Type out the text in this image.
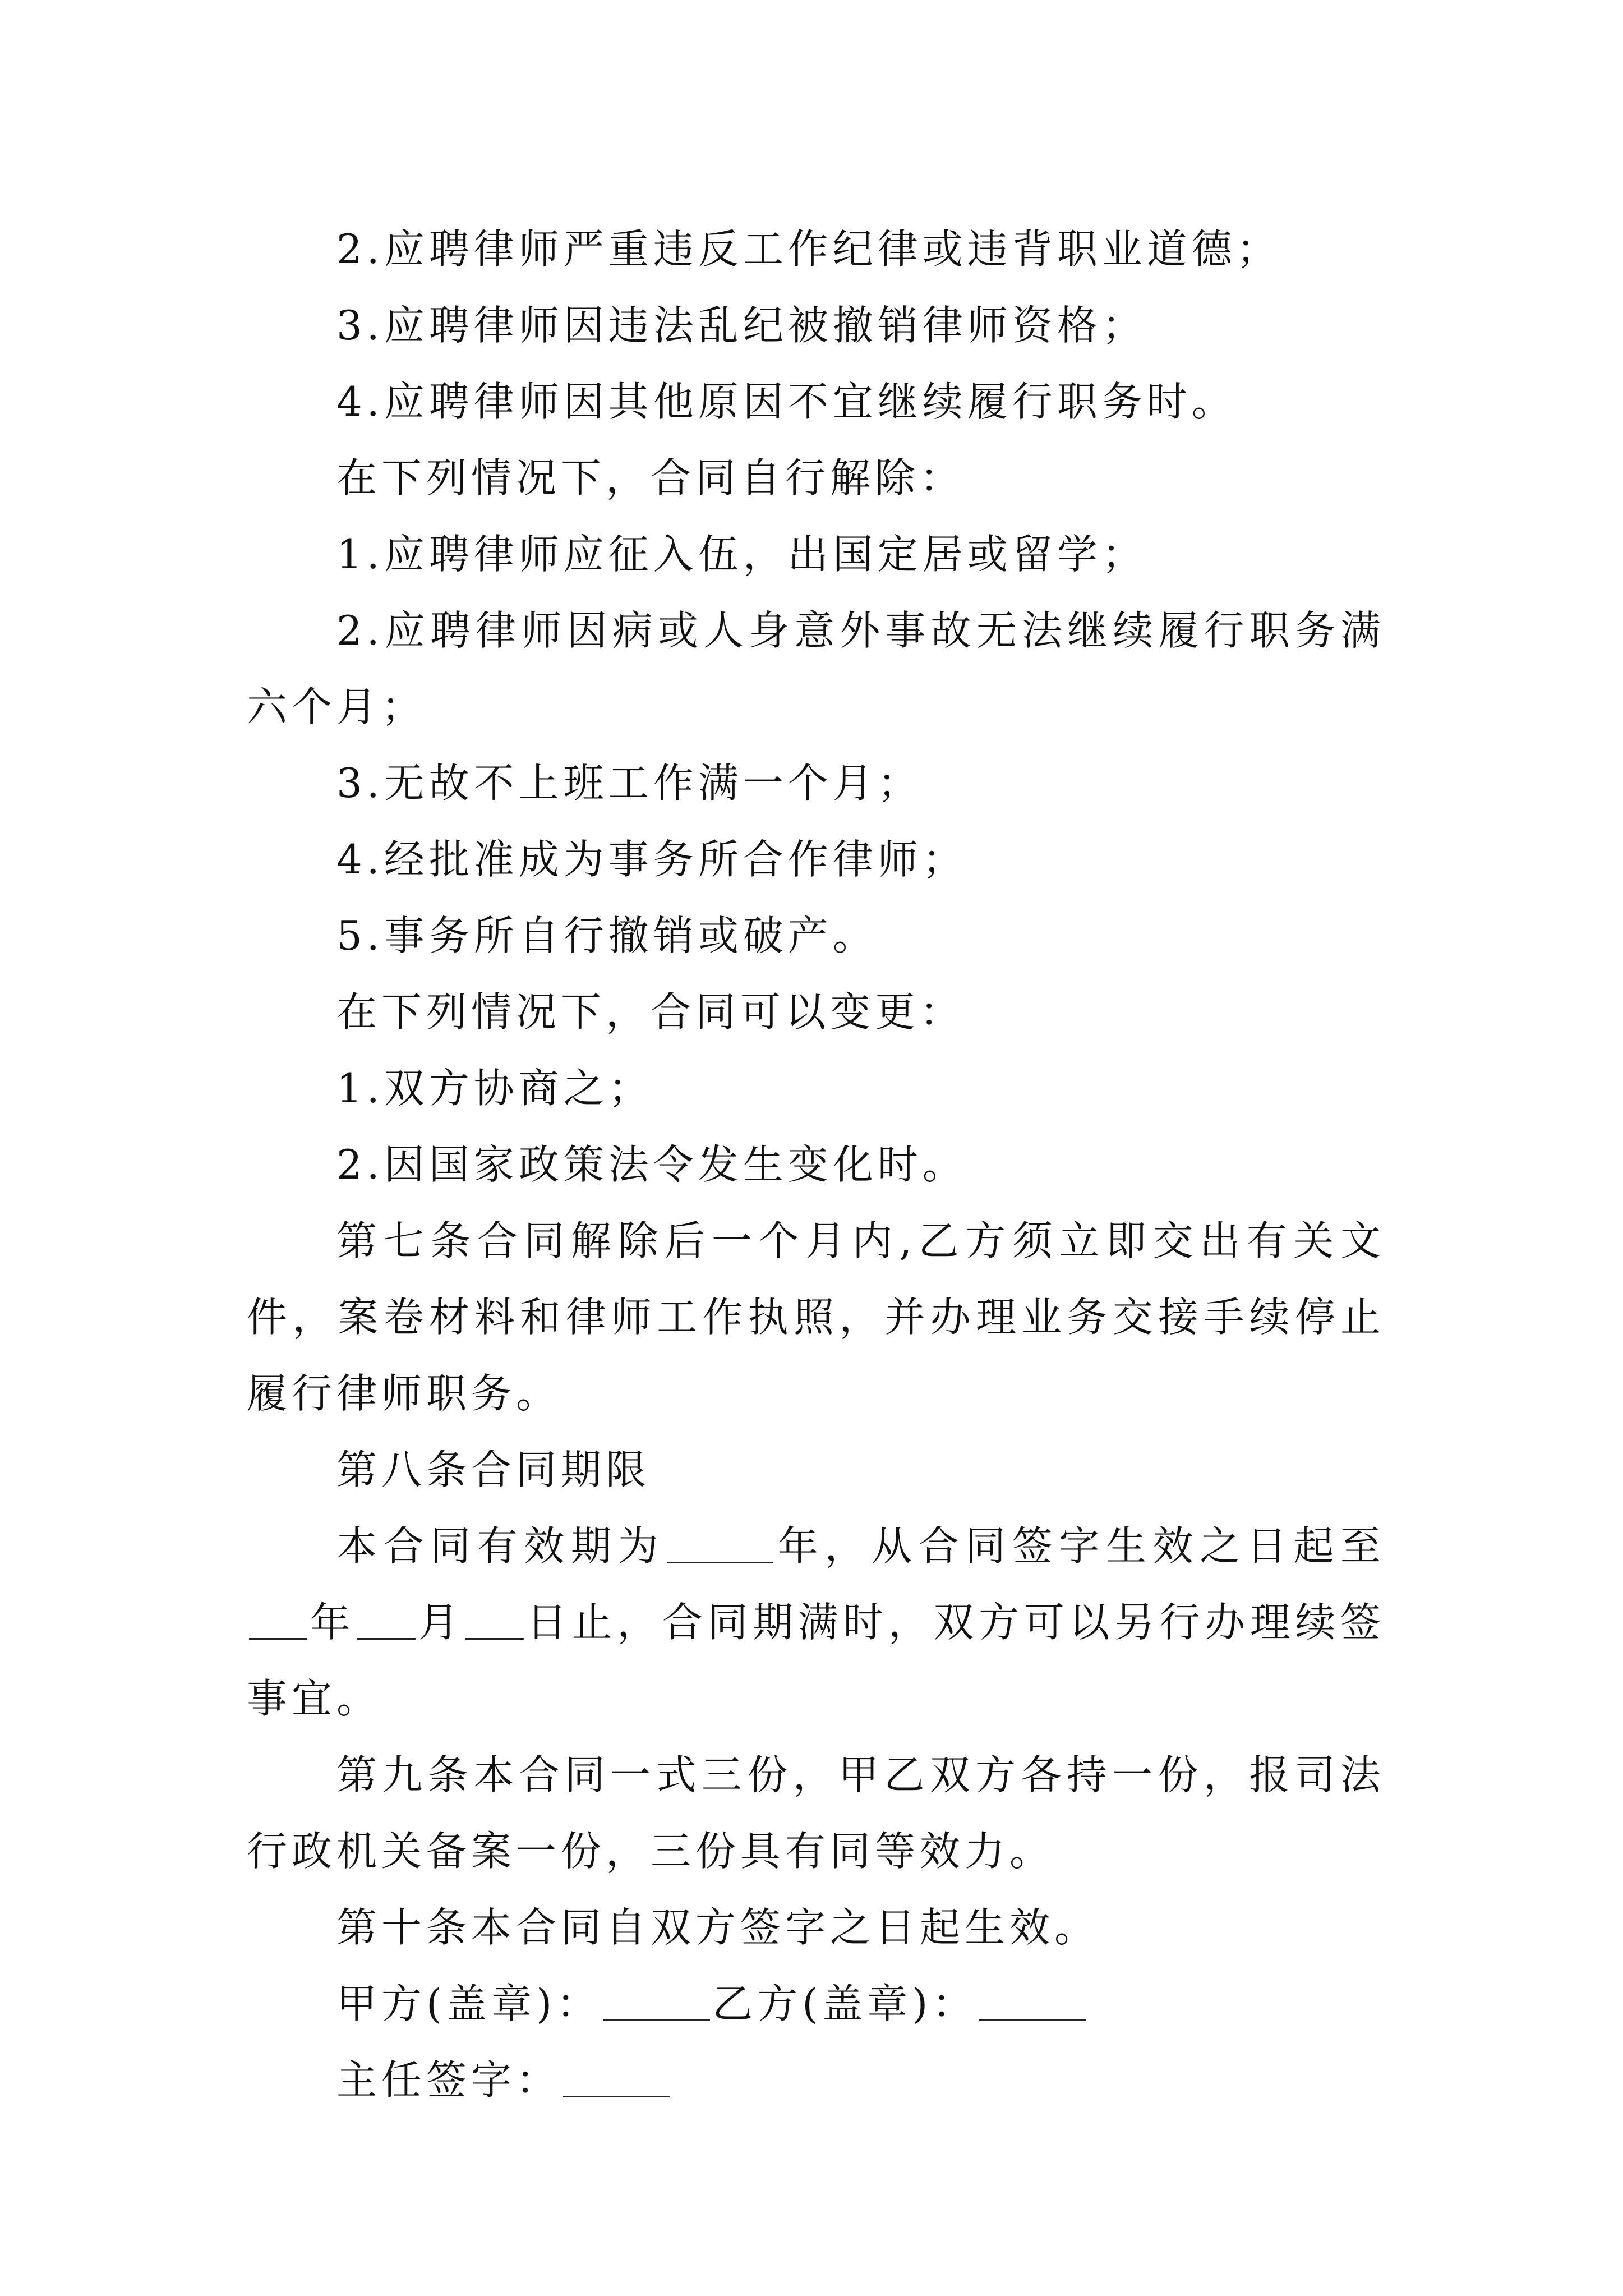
2.应聘律师严重违反工作纪律或违背职业道德；

3.应聘律师因违法乱纪被撤销律师资格；

4.应聘律师因其他原因不宜继续履行职务时。

在下列情况下，合同自行解除：

1.应聘律师应征入伍，出国定居或留学；

2.应聘律师因病或人身意外事故无法继续履行职务满六个月；

3.无故不上班工作满一个月；

4.经批准成为事务所合作律师；

5.事务所自行撤销或破产。

在下列情况下，合同可以变更：

1.双方协商之；

2.因国家政策法令发生变化时。

第七条合同解除后一个月内,乙方须立即交出有关文件，案卷材料和律师工作执照，并办理业务交接手续停止履行律师职务。

第八条合同期限

本合同有效期为	年，从合同签字生效之日起至年 月 日止，合同期满时，双方可以另行办理续签事宜。

第九条本合同一式三份，甲乙双方各持一份，报司法行政机关备案一份，三份具有同等效力。

第十条本合同自双方签字之日起生效。

甲方(盖章)：	乙方(盖章)：

主任签字：
